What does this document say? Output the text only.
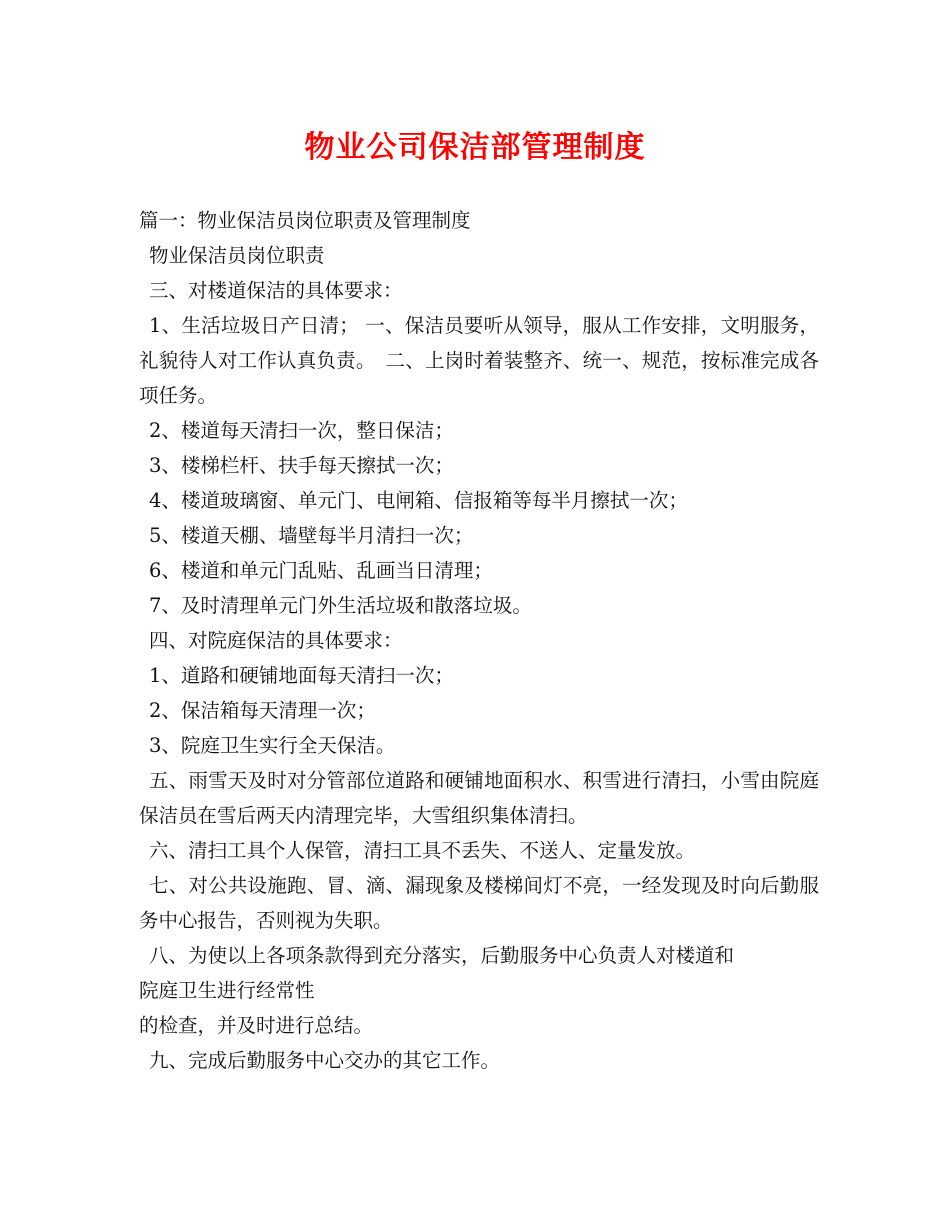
物业公司保洁部管理制度
篇一：物业保洁员岗位职责及管理制度
物业保洁员岗位职责
三、对楼道保洁的具体要求：
1、生活垃圾日产日清； 一、保洁员要听从领导，服从工作安排，文明服务，礼貌待人对工作认真负责。　二、上岗时着装整齐、统一、规范，按标准完成各项任务。
2、楼道每天清扫一次，整日保洁；
3、楼梯栏杆、扶手每天擦拭一次；
4、楼道玻璃窗、单元门、电闸箱、信报箱等每半月擦拭一次；
5、楼道天棚、墙壁每半月清扫一次；
6、楼道和单元门乱贴、乱画当日清理；
7、及时清理单元门外生活垃圾和散落垃圾。
四、对院庭保洁的具体要求：
1、道路和硬铺地面每天清扫一次；
2、保洁箱每天清理一次；
3、院庭卫生实行全天保洁。
五、雨雪天及时对分管部位道路和硬铺地面积水、积雪进行清扫，小雪由院庭保洁员在雪后两天内清理完毕，大雪组织集体清扫。
六、清扫工具个人保管，清扫工具不丢失、不送人、定量发放。
七、对公共设施跑、冒、滴、漏现象及楼梯间灯不亮，一经发现及时向后勤服务中心报告，否则视为失职。
八、为使以上各项条款得到充分落实，后勤服务中心负责人对楼道和
院庭卫生进行经常性
的检查，并及时进行总结。
九、完成后勤服务中心交办的其它工作。
